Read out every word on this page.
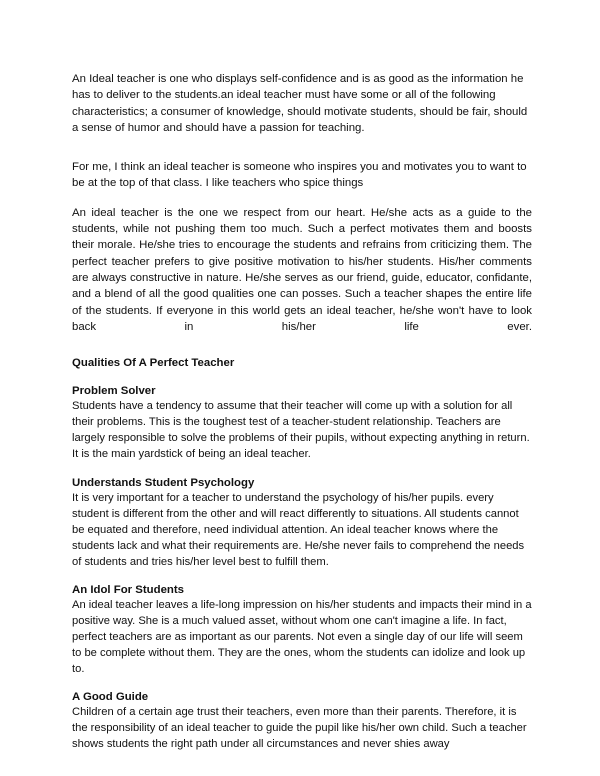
An Ideal teacher is one who displays self-confidence and is as good as the information he has to deliver to the students.an ideal teacher must have some or all of the following characteristics; a consumer of knowledge, should motivate students, should be fair, should a sense of humor and should have a passion for teaching.

For me, I think an ideal teacher is someone who inspires you and motivates you to want to be at the top of that class. I like teachers who spice things

An ideal teacher is the one we respect from our heart. He/she acts as a guide to the students, while not pushing them too much. Such a perfect motivates them and boosts their morale. He/she tries to encourage the students and refrains from criticizing them. The perfect teacher prefers to give positive motivation to his/her students. His/her comments are always constructive in nature. He/she serves as our friend, guide, educator, confidante, and a blend of all the good qualities one can posses. Such a teacher shapes the entire life of the students. If everyone in this world gets an ideal teacher, he/she won't have to look back in his/her life ever.

Qualities Of A Perfect Teacher
Problem Solver

Students have a tendency to assume that their teacher will come up with a solution for all their problems. This is the toughest test of a teacher-student relationship. Teachers are largely responsible to solve the problems of their pupils, without expecting anything in return. It is the main yardstick of being an ideal teacher.

Understands Student Psychology

It is very important for a teacher to understand the psychology of his/her pupils. every student is different from the other and will react differently to situations. All students cannot be equated and therefore, need individual attention. An ideal teacher knows where the students lack and what their requirements are. He/she never fails to comprehend the needs of students and tries his/her level best to fulfill them.

An Idol For Students

An ideal teacher leaves a life-long impression on his/her students and impacts their mind in a positive way. She is a much valued asset, without whom one can't imagine a life. In fact, perfect teachers are as important as our parents. Not even a single day of our life will seem to be complete without them. They are the ones, whom the students can idolize and look up to.

A Good Guide

Children of a certain age trust their teachers, even more than their parents. Therefore, it is the responsibility of an ideal teacher to guide the pupil like his/her own child. Such a teacher shows students the right path under all circumstances and never shies away
